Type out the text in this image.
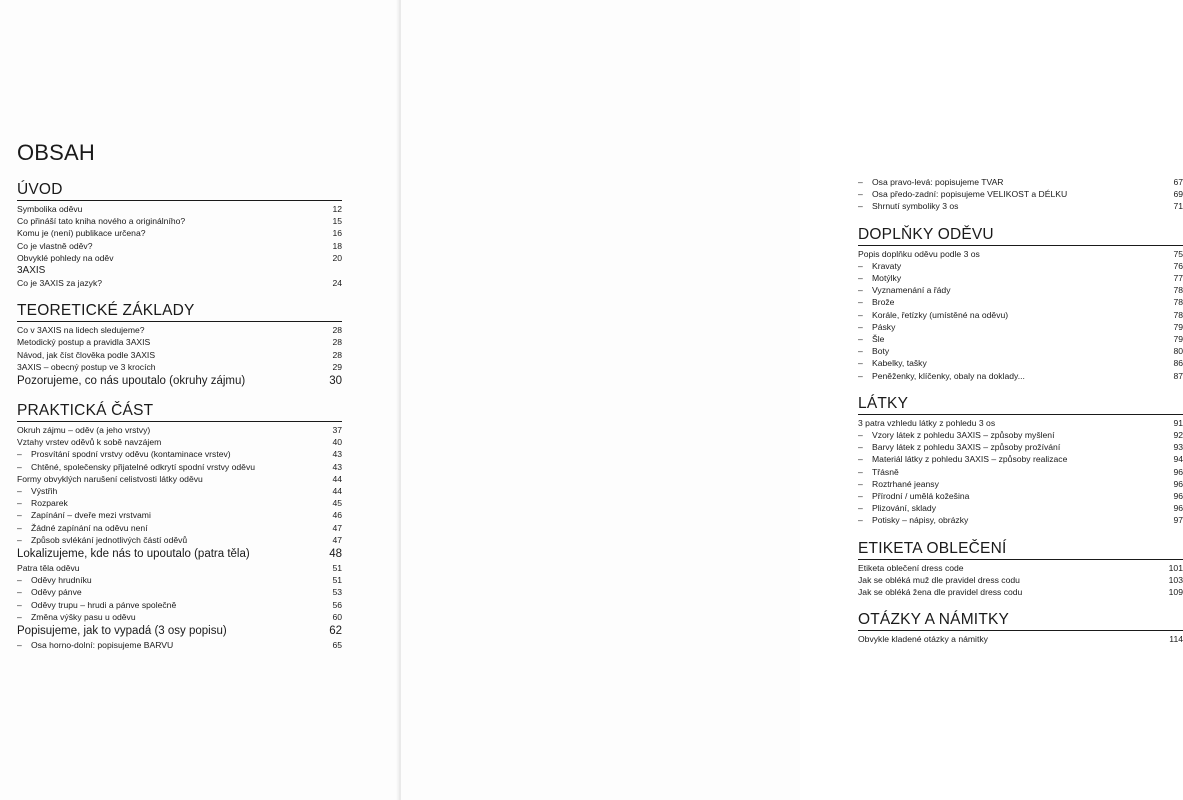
OBSAH
ÚVOD
Symbolika oděvu	12
Co přináší tato kniha nového a originálního?	15
Komu je (není) publikace určena?	16
Co je vlastně oděv?	18
Obvyklé pohledy na oděv	20
3AXIS
Co je 3AXIS za jazyk?	24
TEORETICKÉ ZÁKLADY
Co v 3AXIS na lidech sledujeme?	28
Metodický postup a pravidla 3AXIS	28
Návod, jak číst člověka podle 3AXIS	28
3AXIS – obecný postup ve 3 krocích	29
Pozorujeme, co nás upoutalo (okruhy zájmu)	30
PRAKTICKÁ ČÁST
Okruh zájmu – oděv (a jeho vrstvy)	37
Vztahy vrstev oděvů k sobě navzájem	40
– Prosvítání spodní vrstvy oděvu (kontaminace vrstev)	43
– Chtěné, společensky přijatelné odkrytí spodní vrstvy oděvu	43
Formy obvyklých narušení celistvosti látky oděvu	44
– Výstřih	44
– Rozparek	45
– Zapínání – dveře mezi vrstvami	46
– Žádné zapínání na oděvu není	47
– Způsob svlékání jednotlivých částí oděvů	47
Lokalizujeme, kde nás to upoutalo (patra těla)	48
Patra těla oděvu	51
– Oděvy hrudníku	51
– Oděvy pánve	53
– Oděvy trupu – hrudi a pánve společně	56
– Změna výšky pasu u oděvu	60
Popisujeme, jak to vypadá (3 osy popisu)	62
– Osa horno-dolní: popisujeme BARVU	65
– Osa pravo-levá: popisujeme TVAR	67
– Osa předo-zadní: popisujeme VELIKOST a DÉLKU	69
– Shrnutí symboliky 3 os	71
DOPLŇKY ODĚVU
Popis doplňku oděvu podle 3 os	75
– Kravaty	76
– Motýlky	77
– Vyznamenání a řády	78
– Brože	78
– Korále, řetízky (umístěné na oděvu)	78
– Pásky	79
– Šle	79
– Boty	80
– Kabelky, tašky	86
– Peněženky, klíčenky, obaly na doklady...	87
LÁTKY
3 patra vzhledu látky z pohledu 3 os	91
– Vzory látek z pohledu 3AXIS – způsoby myšlení	92
– Barvy látek z pohledu 3AXIS – způsoby prožívání	93
– Materiál látky z pohledu 3AXIS – způsoby realizace	94
– Třásně	96
– Roztrhané jeansy	96
– Přírodní / umělá kožešina	96
– Plizování, sklady	96
– Potisky – nápisy, obrázky	97
ETIKETA OBLEČENÍ
Etiketa oblečení dress code	101
Jak se obléká muž dle pravidel dress codu	103
Jak se obléká žena dle pravidel dress codu	109
OTÁZKY A NÁMITKY
Obvykle kladené otázky a námitky	114
